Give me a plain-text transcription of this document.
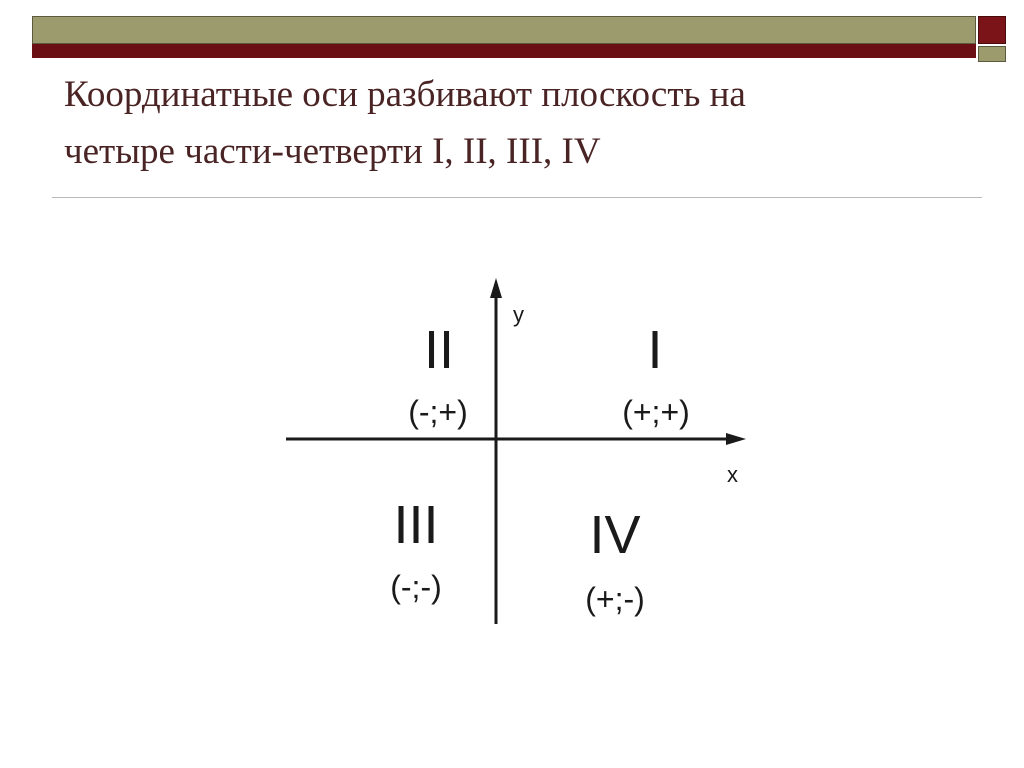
Координатные оси разбивают плоскость на
четыре части-четверти I, II, III, IV
y
x
I
(+;+)
II
(-;+)
III
(-;-)
IV
(+;-)
